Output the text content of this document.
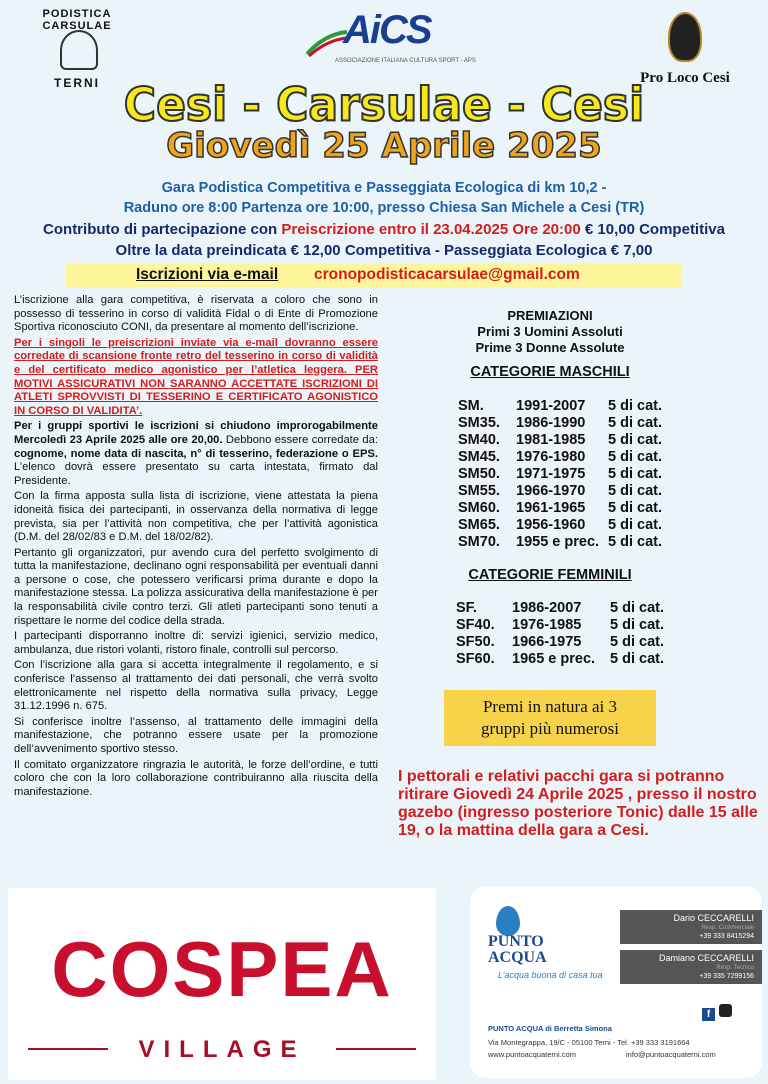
PODISTICA CARSULAE
TERNI
AiCS
ASSOCIAZIONE ITALIANA CULTURA SPORT - APS
Pro Loco Cesi
Cesi - Carsulae - Cesi
Giovedì 25 Aprile 2025
Gara Podistica Competitiva e Passeggiata Ecologica di km 10,2 -
Raduno ore 8:00 Partenza ore 10:00, presso Chiesa San Michele a Cesi (TR)
Contributo di partecipazione con Preiscrizione entro il 23.04.2025 Ore 20:00 € 10,00 Competitiva
Oltre la data preindicata € 12,00 Competitiva - Passeggiata Ecologica € 7,00
Iscrizioni via e-mail cronopodisticacarsulae@gmail.com

L’iscrizione alla gara competitiva, è riservata a coloro che sono in possesso di tesserino in corso di validità Fidal o di Ente di Promozione Sportiva riconosciuto CONI, da presentare al momento dell’iscrizione.

Per i singoli le preiscrizioni inviate via e-mail dovranno essere corredate di scansione fronte retro del tesserino in corso di validità e del certificato medico agonistico per l’atletica leggera. PER MOTIVI ASSICURATIVI NON SARANNO ACCETTATE ISCRIZIONI DI ATLETI SPROVVISTI DI TESSERINO E CERTIFICATO AGONISTICO IN CORSO DI VALIDITA’.

Per i gruppi sportivi le iscrizioni si chiudono improrogabilmente Mercoledì 23 Aprile 2025 alle ore 20,00. Debbono essere corredate da: cognome, nome data di nascita, n° di tesserino, federazione o EPS. L’elenco dovrà essere presentato su carta intestata, firmato dal Presidente.

Con la firma apposta sulla lista di iscrizione, viene attestata la piena idoneità fisica dei partecipanti, in osservanza della normativa di legge prevista, sia per l’attività non competitiva, che per l’attività agonistica (D.M. del 28/02/83 e D.M. del 18/02/82).

Pertanto gli organizzatori, pur avendo cura del perfetto svolgimento di tutta la manifestazione, declinano ogni responsabilità per eventuali danni a persone o cose, che potessero verificarsi prima durante e dopo la manifestazione stessa. La polizza assicurativa della manifestazione è per la responsabilità civile contro terzi. Gli atleti partecipanti sono tenuti a rispettare le norme del codice della strada.

I partecipanti disporranno inoltre di: servizi igienici, servizio medico, ambulanza, due ristori volanti, ristoro finale, controlli sul percorso.

Con l’iscrizione alla gara si accetta integralmente il regolamento, e si conferisce l’assenso al trattamento dei dati personali, che verrà svolto elettronicamente nel rispetto della normativa sulla privacy, Legge 31.12.1996 n. 675.

Si conferisce inoltre l’assenso, al trattamento delle immagini della manifestazione, che potranno essere usate per la promozione dell’avvenimento sportivo stesso.

Il comitato organizzatore ringrazia le autorità, le forze dell’ordine, e tutti coloro che con la loro collaborazione contribuiranno alla riuscita della manifestazione.

PREMIAZIONI
Primi 3 Uomini Assoluti
Prime 3 Donne Assolute
CATEGORIE MASCHILI
SM.	1991-2007	5 di cat.
SM35.	1986-1990	5 di cat.
SM40.	1981-1985	5 di cat.
SM45.	1976-1980	5 di cat.
SM50.	1971-1975	5 di cat.
SM55.	1966-1970	5 di cat.
SM60.	1961-1965	5 di cat.
SM65.	1956-1960	5 di cat.
SM70.	1955 e prec.	5 di cat.
CATEGORIE FEMMINILI
SF.	1986-2007	5 di cat.
SF40.	1976-1985	5 di cat.
SF50.	1966-1975	5 di cat.
SF60.	1965 e prec.	5 di cat.
Premi in natura ai 3
gruppi più numerosi
I pettorali e relativi pacchi gara si potranno ritirare Giovedì 24 Aprile 2025 , presso il nostro gazebo (ingresso posteriore Tonic) dalle 15 alle 19, o la mattina della gara a Cesi.
COSPEA
VILLAGE
PUNTO
ACQUA
L’acqua buona di casa tua
Dario CECCARELLI
Resp. Commerciale
+39 333 8415294
Damiano CECCARELLI
Resp. Tecnico
+39 335 7299156
f
PUNTO ACQUA di Berretta Simona
Via Montegrappa, 19/C - 05100 Terni - Tel. +39 333 3191664
www.puntoacquaterni.com	info@puntoacquaterni.com
